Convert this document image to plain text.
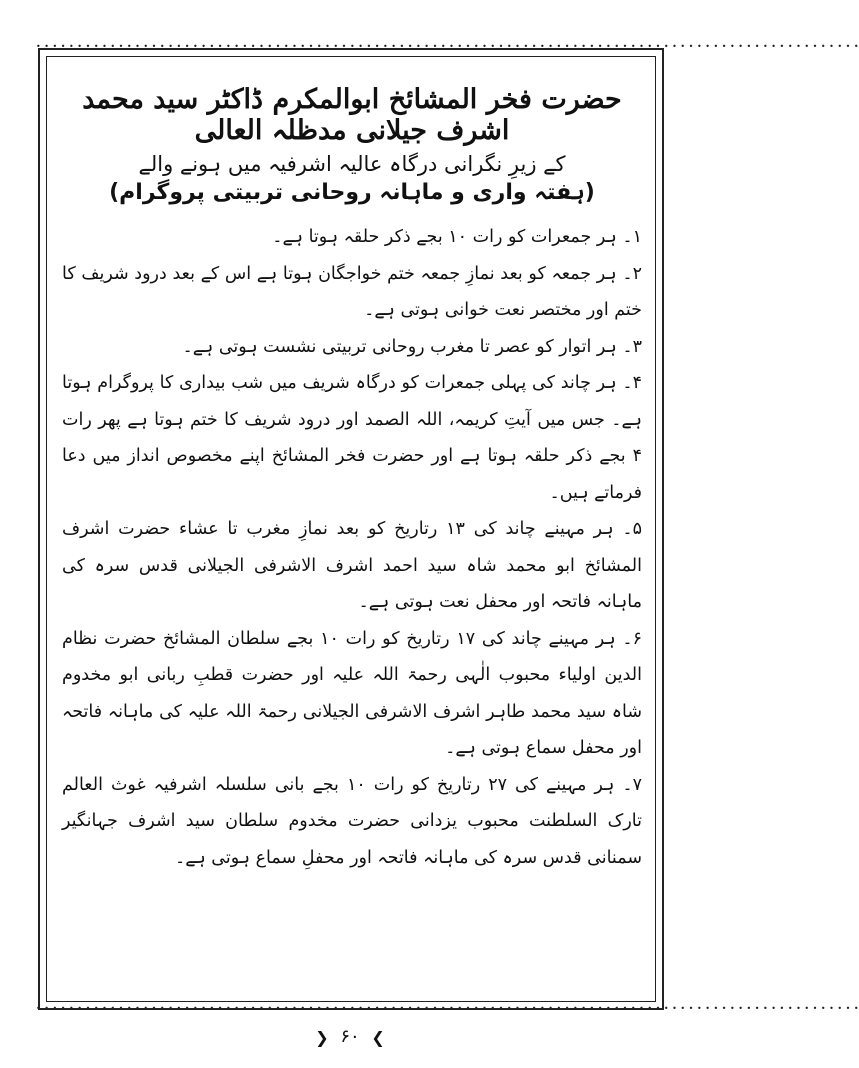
• • • • • • • • • • • • • • • • • • • • • • • • • • • • • • • • • • • • • • • • • • • • • • • • • • • • • • • • • • • • • • • • • • • • • • • • • • • • • • • • • • • • • • • • • • • • • • • • • • • •
• • • • • • • • • • • • • • • • • • • • • • • • • • • • • • • • • • • • • • • • • • • • • • • • • • • • • • • • • • • • • • • • • • • • • • • • • • • • • • • • • • • • • • • • • • • • • • • • • • • •
حضرت فخر المشائخ ابوالمکرم ڈاکٹر سید محمد اشرف جیلانی مدظلہ العالی
کے زیرِ نگرانی درگاہ عالیہ اشرفیہ میں ہونے والے
(ہفتہ واری و ماہانہ روحانی تربیتی پروگرام)

۱۔ ہر جمعرات کو رات ۱۰ بجے ذکر حلقہ ہوتا ہے۔

۲۔ ہر جمعہ کو بعد نمازِ جمعہ ختم خواجگان ہوتا ہے اس کے بعد درود شریف کا ختم اور مختصر نعت خوانی ہوتی ہے۔

۳۔ ہر اتوار کو عصر تا مغرب روحانی تربیتی نشست ہوتی ہے۔

۴۔ ہر چاند کی پہلی جمعرات کو درگاہ شریف میں شب بیداری کا پروگرام ہوتا ہے۔ جس میں آیتِ کریمہ، اللہ الصمد اور درود شریف کا ختم ہوتا ہے پھر رات ۴ بجے ذکر حلقہ ہوتا ہے اور حضرت فخر المشائخ اپنے مخصوص انداز میں دعا فرماتے ہیں۔

۵۔ ہر مہینے چاند کی ۱۳ رتاریخ کو بعد نمازِ مغرب تا عشاء حضرت اشرف المشائخ ابو محمد شاہ سید احمد اشرف الاشرفی الجیلانی قدس سرہ کی ماہانہ فاتحہ اور محفل نعت ہوتی ہے۔

۶۔ ہر مہینے چاند کی ۱۷ رتاریخ کو رات ۱۰ بجے سلطان المشائخ حضرت نظام الدین اولیاء محبوب الٰہی رحمۃ اللہ علیہ اور حضرت قطبِ ربانی ابو مخدوم شاہ سید محمد طاہر اشرف الاشرفی الجیلانی رحمۃ اللہ علیہ کی ماہانہ فاتحہ اور محفل سماع ہوتی ہے۔

۷۔ ہر مہینے کی ۲۷ رتاریخ کو رات ۱۰ بجے بانی سلسلہ اشرفیہ غوث العالم تارک السلطنت محبوب یزدانی حضرت مخدوم سلطان سید اشرف جہانگیر سمنانی قدس سرہ کی ماہانہ فاتحہ اور محفلِ سماع ہوتی ہے۔

❯ ۶۰ ❮
